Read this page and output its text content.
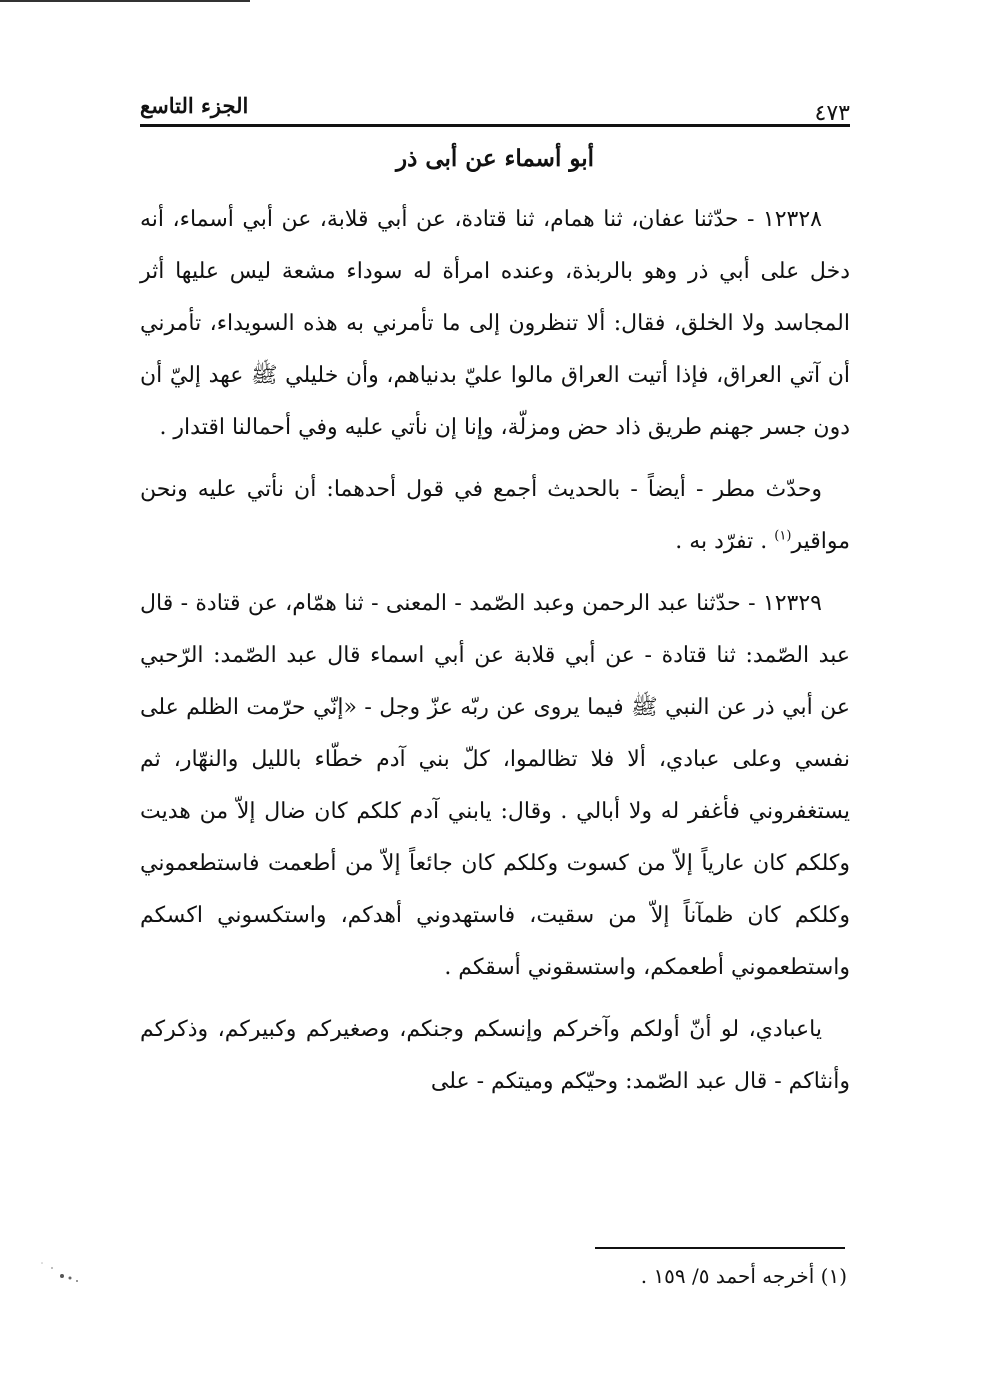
٤٧٣
الجزء التاسع
أبو أسماء عن أبى ذر

١٢٣٢٨ - حدّثنا عفان، ثنا همام، ثنا قتادة، عن أبي قلابة، عن أبي أسماء، أنه دخل على أبي ذر وهو بالربذة، وعنده امرأة له سوداء مشعة ليس عليها أثر المجاسد ولا الخلق، فقال: ألا تنظرون إلى ما تأمرني به هذه السويداء، تأمرني أن آتي العراق، فإذا أتيت العراق مالوا عليّ بدنياهم، وأن خليلي ﷺ عهد إليّ أن دون جسر جهنم طريق ذاد حض ومزلّة، وإنا إن نأتي عليه وفي أحمالنا اقتدار .

وحدّث مطر - أيضاً - بالحديث أجمع في قول أحدهما: أن نأتي عليه ونحن مواقير$^{(١)}$ . تفرّد به .

١٢٣٢٩ - حدّثنا عبد الرحمن وعبد الصّمد - المعنى - ثنا همّام، عن قتادة - قال عبد الصّمد: ثنا قتادة - عن أبي قلابة عن أبي اسماء قال عبد الصّمد: الرّحبي عن أبي ذر عن النبي ﷺ فيما يروى عن ربّه عزّ وجل - «إنّي حرّمت الظلم على نفسي وعلى عبادي، ألا فلا تظالموا، كلّ بني آدم خطّاء بالليل والنهّار، ثم يستغفروني فأغفر له ولا أبالي . وقال: يابني آدم كلكم كان ضال إلاّ من هديت وكلكم كان عارياً إلاّ من كسوت وكلكم كان جائعاً إلاّ من أطعمت فاستطعموني وكلكم كان ظمآناً إلاّ من سقيت، فاستهدوني أهدكم، واستكسوني اكسكم واستطعموني أطعمكم، واستسقوني أسقكم .

ياعبادي، لو أنّ أولكم وآخركم وإنسكم وجنكم، وصغيركم وكبيركم، وذكركم وأنثاكم - قال عبد الصّمد: وحيّكم وميتكم - على

(١) أخرجه أحمد ٥/ ١٥٩ .
